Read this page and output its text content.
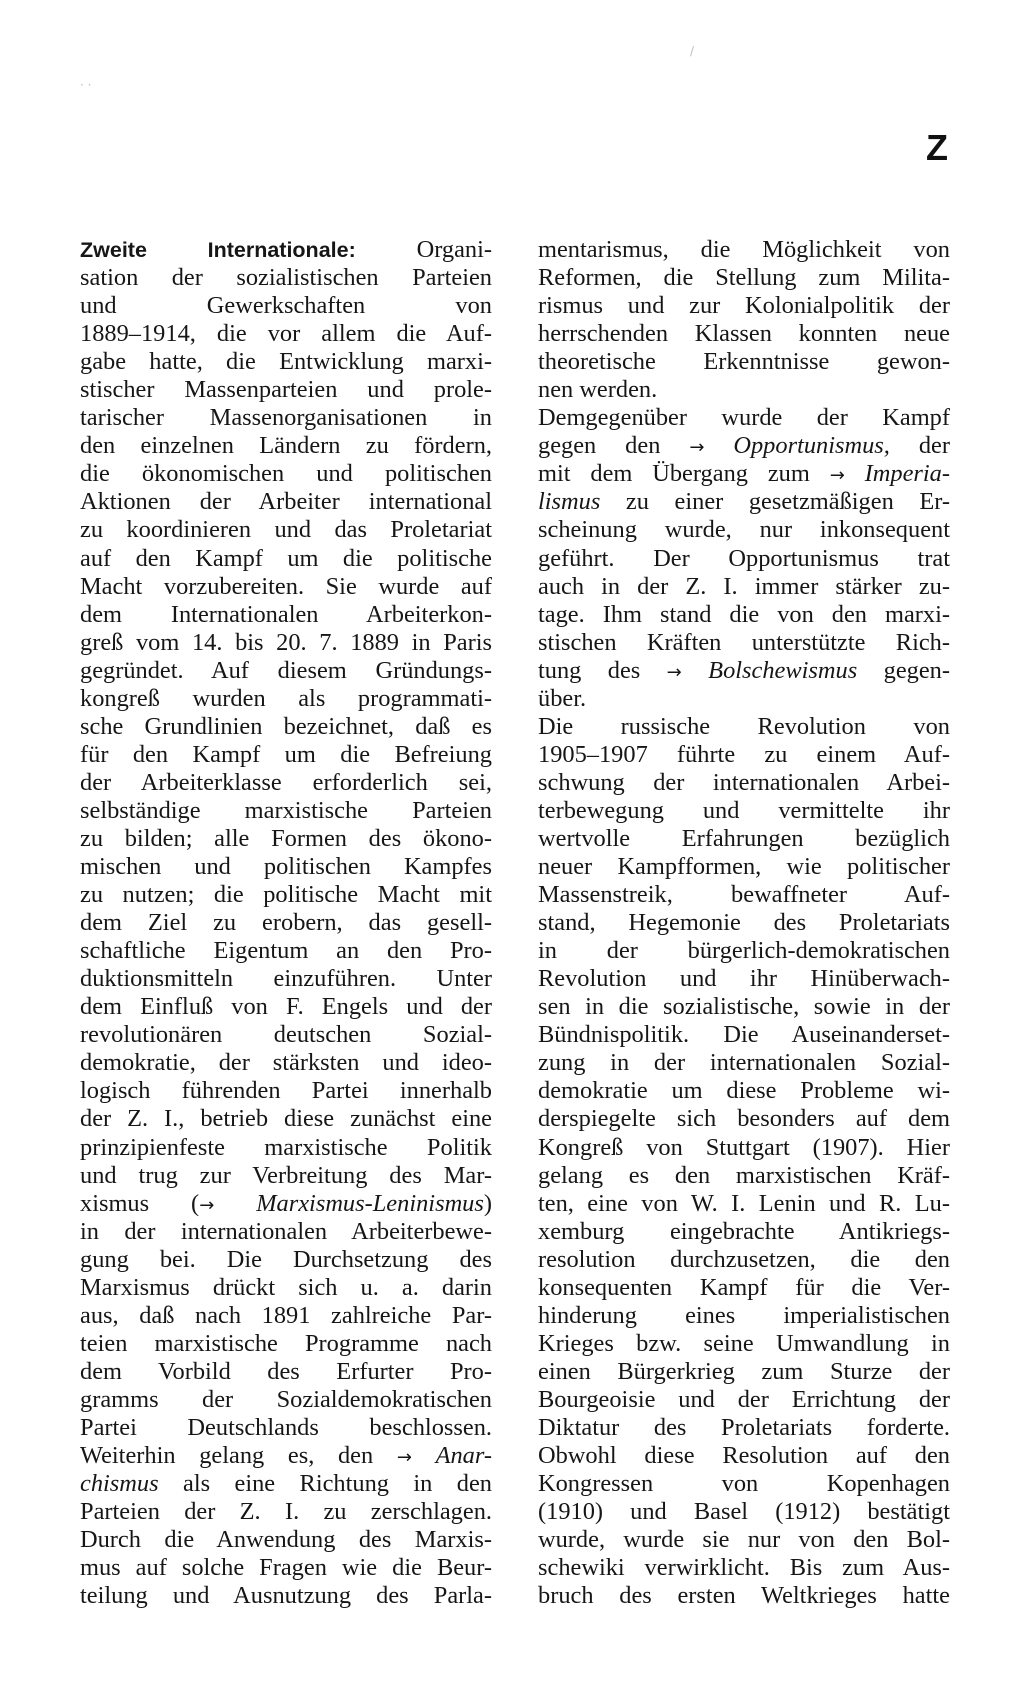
Z
· ·
/
Zweite Internationale: Organi-
sation der sozialistischen Parteien
und Gewerkschaften von
1889–1914, die vor allem die Auf-
gabe hatte, die Entwicklung marxi-
stischer Massenparteien und prole-
tarischer Massenorganisationen in
den einzelnen Ländern zu fördern,
die ökonomischen und politischen
Aktionen der Arbeiter international
zu koordinieren und das Proletariat
auf den Kampf um die politische
Macht vorzubereiten. Sie wurde auf
dem Internationalen Arbeiterkon-
greß vom 14. bis 20. 7. 1889 in Paris
gegründet. Auf diesem Gründungs-
kongreß wurden als programmati-
sche Grundlinien bezeichnet, daß es
für den Kampf um die Befreiung
der Arbeiterklasse erforderlich sei,
selbständige marxistische Parteien
zu bilden; alle Formen des ökono-
mischen und politischen Kampfes
zu nutzen; die politische Macht mit
dem Ziel zu erobern, das gesell-
schaftliche Eigentum an den Pro-
duktionsmitteln einzuführen. Unter
dem Einfluß von F. Engels und der
revolutionären deutschen Sozial-
demokratie, der stärksten und ideo-
logisch führenden Partei innerhalb
der Z. I., betrieb diese zunächst eine
prinzipienfeste marxistische Politik
und trug zur Verbreitung des Mar-
xismus (→ Marxismus-Leninismus)
in der internationalen Arbeiterbewe-
gung bei. Die Durchsetzung des
Marxismus drückt sich u. a. darin
aus, daß nach 1891 zahlreiche Par-
teien marxistische Programme nach
dem Vorbild des Erfurter Pro-
gramms der Sozialdemokratischen
Partei Deutschlands beschlossen.
Weiterhin gelang es, den → Anar-
chismus als eine Richtung in den
Parteien der Z. I. zu zerschlagen.
Durch die Anwendung des Marxis-
mus auf solche Fragen wie die Beur-
teilung und Ausnutzung des Parla-
mentarismus, die Möglichkeit von
Reformen, die Stellung zum Milita-
rismus und zur Kolonialpolitik der
herrschenden Klassen konnten neue
theoretische Erkenntnisse gewon-
nen werden.
Demgegenüber wurde der Kampf
gegen den → Opportunismus, der
mit dem Übergang zum → Imperia-
lismus zu einer gesetzmäßigen Er-
scheinung wurde, nur inkonsequent
geführt. Der Opportunismus trat
auch in der Z. I. immer stärker zu-
tage. Ihm stand die von den marxi-
stischen Kräften unterstützte Rich-
tung des → Bolschewismus gegen-
über.
Die russische Revolution von
1905–1907 führte zu einem Auf-
schwung der internationalen Arbei-
terbewegung und vermittelte ihr
wertvolle Erfahrungen bezüglich
neuer Kampfformen, wie politischer
Massenstreik, bewaffneter Auf-
stand, Hegemonie des Proletariats
in der bürgerlich-demokratischen
Revolution und ihr Hinüberwach-
sen in die sozialistische, sowie in der
Bündnispolitik. Die Auseinanderset-
zung in der internationalen Sozial-
demokratie um diese Probleme wi-
derspiegelte sich besonders auf dem
Kongreß von Stuttgart (1907). Hier
gelang es den marxistischen Kräf-
ten, eine von W. I. Lenin und R. Lu-
xemburg eingebrachte Antikriegs-
resolution durchzusetzen, die den
konsequenten Kampf für die Ver-
hinderung eines imperialistischen
Krieges bzw. seine Umwandlung in
einen Bürgerkrieg zum Sturze der
Bourgeoisie und der Errichtung der
Diktatur des Proletariats forderte.
Obwohl diese Resolution auf den
Kongressen von Kopenhagen
(1910) und Basel (1912) bestätigt
wurde, wurde sie nur von den Bol-
schewiki verwirklicht. Bis zum Aus-
bruch des ersten Weltkrieges hatte
